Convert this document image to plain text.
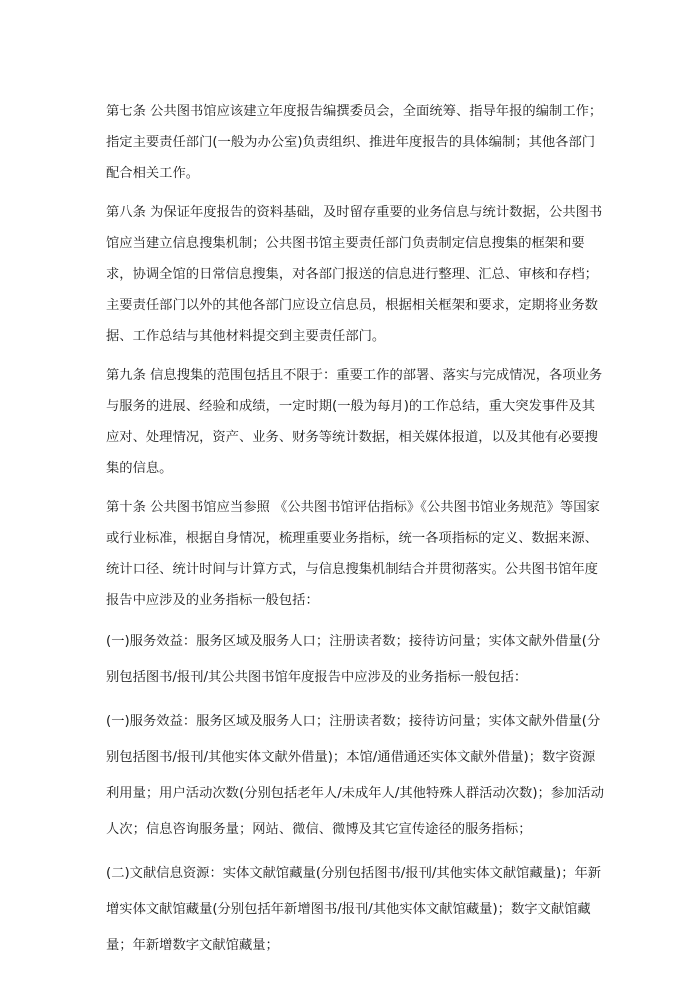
第七条 公共图书馆应该建立年度报告编撰委员会，全面统筹、指导年报的编制工作；指定主要责任部门(一般为办公室)负责组织、推进年度报告的具体编制；其他各部门配合相关工作。

第八条 为保证年度报告的资料基础，及时留存重要的业务信息与统计数据，公共图书馆应当建立信息搜集机制；公共图书馆主要责任部门负责制定信息搜集的框架和要求，协调全馆的日常信息搜集，对各部门报送的信息进行整理、汇总、审核和存档；主要责任部门以外的其他各部门应设立信息员，根据相关框架和要求，定期将业务数据、工作总结与其他材料提交到主要责任部门。

第九条 信息搜集的范围包括且不限于：重要工作的部署、落实与完成情况，各项业务与服务的进展、经验和成绩，一定时期(一般为每月)的工作总结，重大突发事件及其应对、处理情况，资产、业务、财务等统计数据，相关媒体报道，以及其他有必要搜集的信息。

第十条 公共图书馆应当参照 《公共图书馆评估指标》《公共图书馆业务规范》等国家或行业标准，根据自身情况，梳理重要业务指标，统一各项指标的定义、数据来源、统计口径、统计时间与计算方式，与信息搜集机制结合并贯彻落实。公共图书馆年度报告中应涉及的业务指标一般包括：

(一)服务效益：服务区域及服务人口；注册读者数；接待访问量；实体文献外借量(分别包括图书/报刊/其公共图书馆年度报告中应涉及的业务指标一般包括：

(一)服务效益：服务区域及服务人口；注册读者数；接待访问量；实体文献外借量(分别包括图书/报刊/其他实体文献外借量)；本馆/通借通还实体文献外借量)；数字资源利用量；用户活动次数(分别包括老年人/未成年人/其他特殊人群活动次数)；参加活动人次；信息咨询服务量；网站、微信、微博及其它宣传途径的服务指标；

(二)文献信息资源：实体文献馆藏量(分别包括图书/报刊/其他实体文献馆藏量)；年新增实体文献馆藏量(分别包括年新增图书/报刊/其他实体文献馆藏量)；数字文献馆藏量；年新增数字文献馆藏量；
